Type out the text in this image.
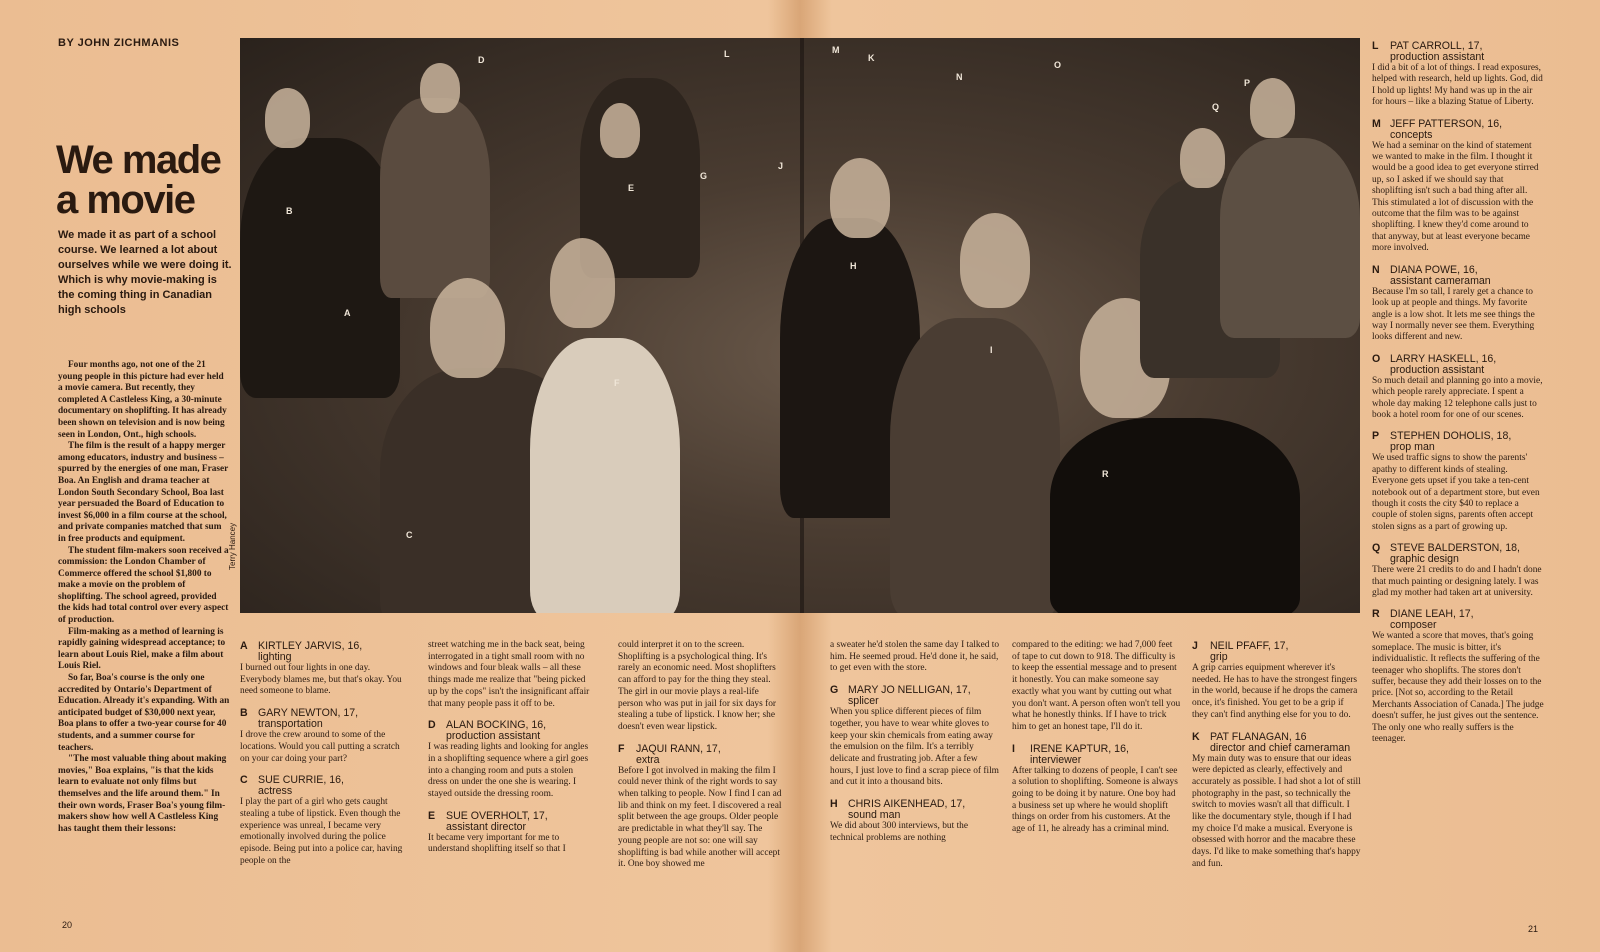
BY JOHN ZICHMANIS
We made a movie
We made it as part of a school course. We learned a lot about ourselves while we were doing it. Which is why movie-making is the coming thing in Canadian high schools

Four months ago, not one of the 21 young people in this picture had ever held a movie camera. But recently, they completed A Castleless King, a 30-minute documentary on shoplifting. It has already been shown on television and is now being seen in London, Ont., high schools.

The film is the result of a happy merger among educators, industry and business – spurred by the energies of one man, Fraser Boa. An English and drama teacher at London South Secondary School, Boa last year persuaded the Board of Education to invest $6,000 in a film course at the school, and private companies matched that sum in free products and equipment.

The student film-makers soon received a commission: the London Chamber of Commerce offered the school $1,800 to make a movie on the problem of shoplifting. The school agreed, provided the kids had total control over every aspect of production.

Film-making as a method of learning is rapidly gaining widespread acceptance; to learn about Louis Riel, make a film about Louis Riel.

So far, Boa's course is the only one accredited by Ontario's Department of Education. Already it's expanding. With an anticipated budget of $30,000 next year, Boa plans to offer a two-year course for 40 students, and a summer course for teachers.

"The most valuable thing about making movies," Boa explains, "is that the kids learn to evaluate not only films but themselves and the life around them." In their own words, Fraser Boa's young film-makers show how well A Castleless King has taught them their lessons:

A
B
C
D
E
F
G
H
I
J
K
L	M
N
O
P
Q
R
Terry Hancey
A KIRTLEY JARVIS, 16,
lighting
I burned out four lights in one day. Everybody blames me, but that's okay. You need someone to blame.
B GARY NEWTON, 17,
transportation
I drove the crew around to some of the locations. Would you call putting a scratch on your car doing your part?
C SUE CURRIE, 16,
actress
I play the part of a girl who gets caught stealing a tube of lipstick. Even though the experience was unreal, I became very emotionally involved during the police episode. Being put into a police car, having people on the
street watching me in the back seat, being interrogated in a tight small room with no windows and four bleak walls – all these things made me realize that "being picked up by the cops" isn't the insignificant affair that many people pass it off to be.
D ALAN BOCKING, 16,
production assistant
I was reading lights and looking for angles in a shoplifting sequence where a girl goes into a changing room and puts a stolen dress on under the one she is wearing. I stayed outside the dressing room.
E SUE OVERHOLT, 17,
assistant director
It became very important for me to understand shoplifting itself so that I
could interpret it on to the screen. Shoplifting is a psychological thing. It's rarely an economic need. Most shoplifters can afford to pay for the thing they steal. The girl in our movie plays a real-life person who was put in jail for six days for stealing a tube of lipstick. I know her; she doesn't even wear lipstick.
F JAQUI RANN, 17,
extra
Before I got involved in making the film I could never think of the right words to say when talking to people. Now I find I can ad lib and think on my feet. I discovered a real split between the age groups. Older people are predictable in what they'll say. The young people are not so: one will say shoplifting is bad while another will accept it. One boy showed me
a sweater he'd stolen the same day I talked to him. He seemed proud. He'd done it, he said, to get even with the store.
G MARY JO NELLIGAN, 17,
splicer
When you splice different pieces of film together, you have to wear white gloves to keep your skin chemicals from eating away the emulsion on the film. It's a terribly delicate and frustrating job. After a few hours, I just love to find a scrap piece of film and cut it into a thousand bits.
H CHRIS AIKENHEAD, 17,
sound man
We did about 300 interviews, but the technical problems are nothing
compared to the editing: we had 7,000 feet of tape to cut down to 918. The difficulty is to keep the essential message and to present it honestly. You can make someone say exactly what you want by cutting out what you don't want. A person often won't tell you what he honestly thinks. If I have to trick him to get an honest tape, I'll do it.
I IRENE KAPTUR, 16,
interviewer
After talking to dozens of people, I can't see a solution to shoplifting. Someone is always going to be doing it by nature. One boy had a business set up where he would shoplift things on order from his customers. At the age of 11, he already has a criminal mind.
J NEIL PFAFF, 17,
grip
A grip carries equipment wherever it's needed. He has to have the strongest fingers in the world, because if he drops the camera once, it's finished. You get to be a grip if they can't find anything else for you to do.
K PAT FLANAGAN, 16
director and chief cameraman
My main duty was to ensure that our ideas were depicted as clearly, effectively and accurately as possible. I had shot a lot of still photography in the past, so technically the switch to movies wasn't all that difficult. I like the documentary style, though if I had my choice I'd make a musical. Everyone is obsessed with horror and the macabre these days. I'd like to make something that's happy and fun.
L PAT CARROLL, 17,
production assistant
I did a bit of a lot of things. I read exposures, helped with research, held up lights. God, did I hold up lights! My hand was up in the air for hours – like a blazing Statue of Liberty.
M JEFF PATTERSON, 16,
concepts
We had a seminar on the kind of statement we wanted to make in the film. I thought it would be a good idea to get everyone stirred up, so I asked if we should say that shoplifting isn't such a bad thing after all. This stimulated a lot of discussion with the outcome that the film was to be against shoplifting. I knew they'd come around to that anyway, but at least everyone became more involved.
N DIANA POWE, 16,
assistant cameraman
Because I'm so tall, I rarely get a chance to look up at people and things. My favorite angle is a low shot. It lets me see things the way I normally never see them. Everything looks different and new.
O LARRY HASKELL, 16,
production assistant
So much detail and planning go into a movie, which people rarely appreciate. I spent a whole day making 12 telephone calls just to book a hotel room for one of our scenes.
P STEPHEN DOHOLIS, 18,
prop man
We used traffic signs to show the parents' apathy to different kinds of stealing. Everyone gets upset if you take a ten-cent notebook out of a department store, but even though it costs the city $40 to replace a couple of stolen signs, parents often accept stolen signs as a part of growing up.
Q STEVE BALDERSTON, 18,
graphic design
There were 21 credits to do and I hadn't done that much painting or designing lately. I was glad my mother had taken art at university.
R DIANE LEAH, 17,
composer
We wanted a score that moves, that's going someplace. The music is bitter, it's individualistic. It reflects the suffering of the teenager who shoplifts. The stores don't suffer, because they add their losses on to the price. [Not so, according to the Retail Merchants Association of Canada.] The judge doesn't suffer, he just gives out the sentence. The only one who really suffers is the teenager.
20	21
